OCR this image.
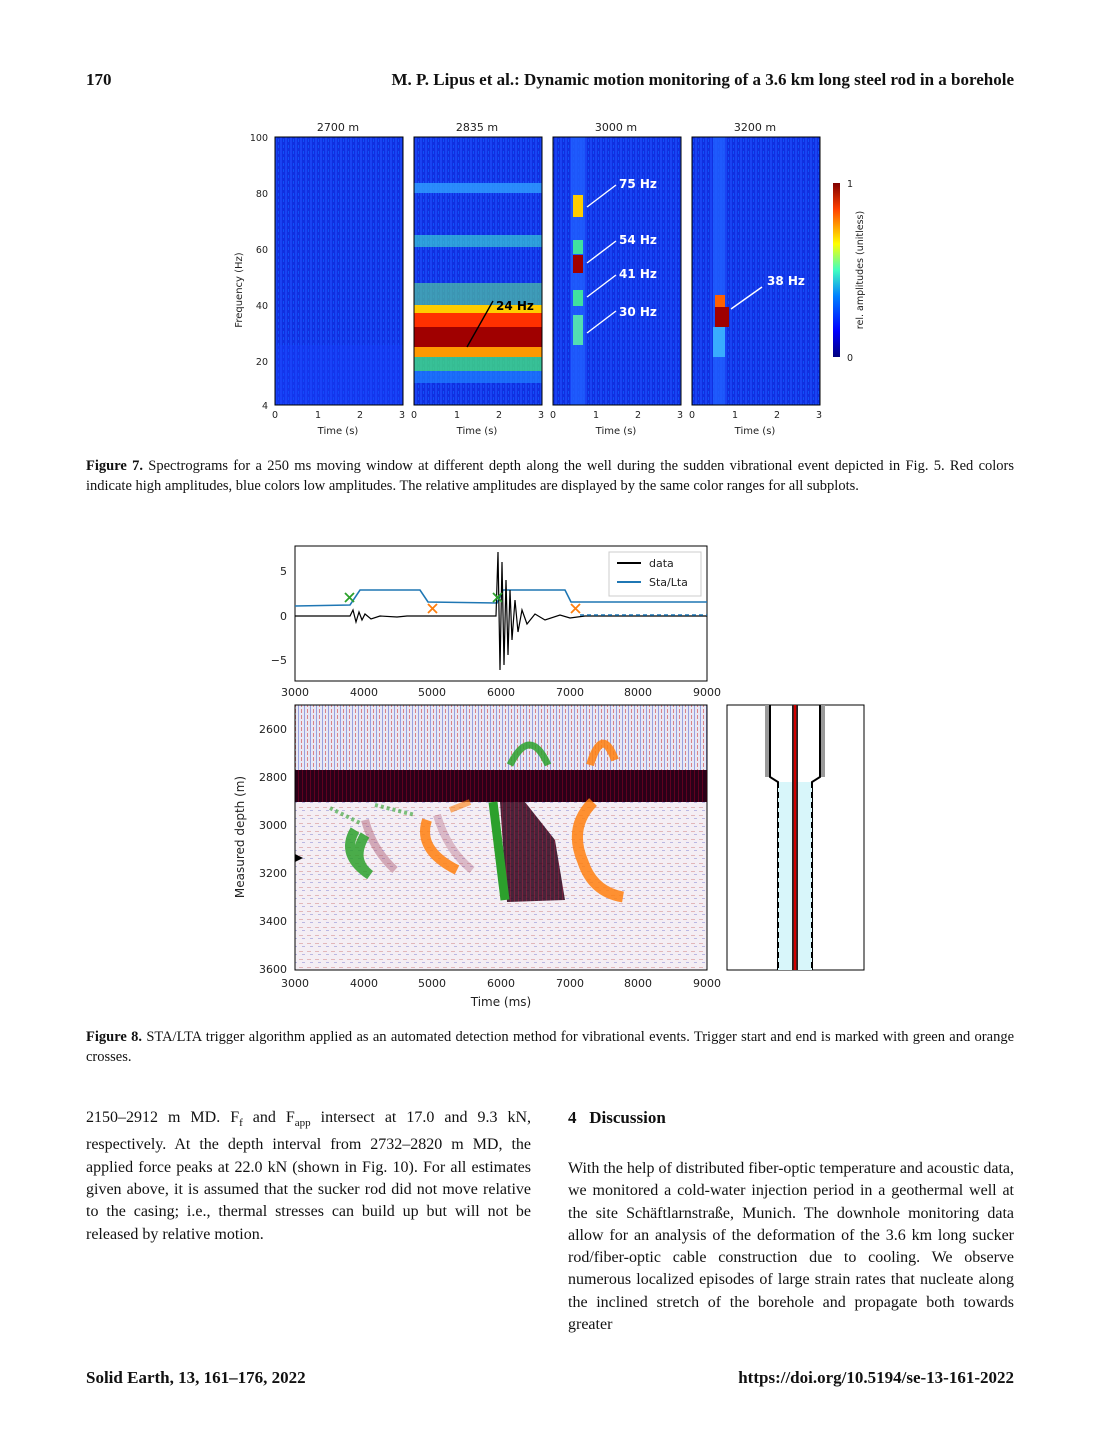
170	M. P. Lipus et al.: Dynamic motion monitoring of a 3.6 km long steel rod in a borehole
Frequency (Hz)
100
80
60
40
20
4
2700 m	2835 m
24 Hz
3000 m
75 Hz
54 Hz
41 Hz
30 Hz
3200 m
38 Hz
0	1	2	3 0	1	2	3 0	1	2	3 0	1	2	3
Time (s)	Time (s)	Time (s)	Time (s)
1
0
rel. amplitudes (unitless)
Figure 7. Spectrograms for a 250 ms moving window at different depth along the well during the sudden vibrational event depicted in Fig. 5. Red colors indicate high amplitudes, blue colors low amplitudes. The relative amplitudes are displayed by the same color ranges for all subplots.
5
0
−5
data
Sta/Lta
3000	4000	5000	6000	7000	8000	9000
2600
2800
3000
3200
3400
3600
Measured depth (m)
3000	4000	5000	6000	7000	8000	9000
Time (ms)
Figure 8. STA/LTA trigger algorithm applied as an automated detection method for vibrational events. Trigger start and end is marked with green and orange crosses.
2150–2912 m MD. $F_f$ and $F_{app}$ intersect at 17.0 and 9.3 kN, respectively. At the depth interval from 2732–2820 m MD, the applied force peaks at 22.0 kN (shown in Fig. 10). For all estimates given above, it is assumed that the sucker rod did not move relative to the casing; i.e., thermal stresses can build up but will not be released by relative motion.
4 Discussion
With the help of distributed fiber-optic temperature and acoustic data, we monitored a cold-water injection period in a geothermal well at the site Schäftlarnstraße, Munich. The downhole monitoring data allow for an analysis of the deformation of the 3.6 km long sucker rod/fiber-optic cable construction due to cooling. We observe numerous localized episodes of large strain rates that nucleate along the inclined stretch of the borehole and propagate both towards greater
Solid Earth, 13, 161–176, 2022	https://doi.org/10.5194/se-13-161-2022
